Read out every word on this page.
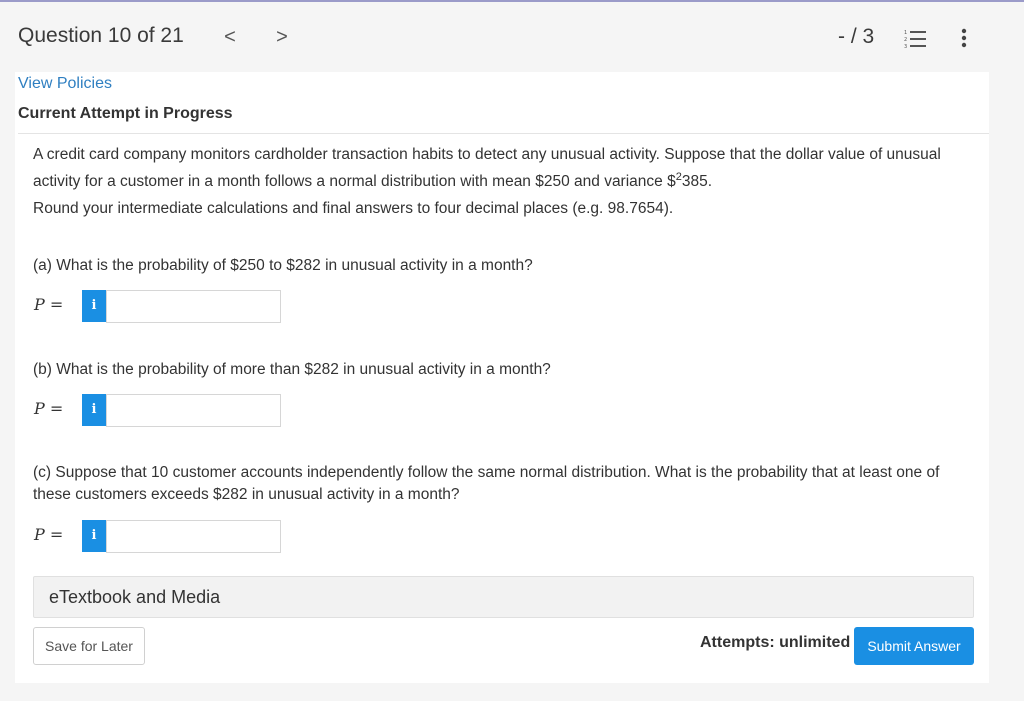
Question 10 of 21	<	>	- / 3	1
2
3
View Policies
Current Attempt in Progress
A credit card company monitors cardholder transaction habits to detect any unusual activity. Suppose that the dollar value of unusual activity for a customer in a month follows a normal distribution with mean $250 and variance \$$^2$385.
Round your intermediate calculations and final answers to four decimal places (e.g. 98.7654).
(a) What is the probability of $250 to $282 in unusual activity in a month?
P =	i
(b) What is the probability of more than $282 in unusual activity in a month?
P =	i
(c) Suppose that 10 customer accounts independently follow the same normal distribution. What is the probability that at least one of these customers exceeds $282 in unusual activity in a month?
P =	i
eTextbook and Media
Save for Later	Attempts: unlimited	Submit Answer
